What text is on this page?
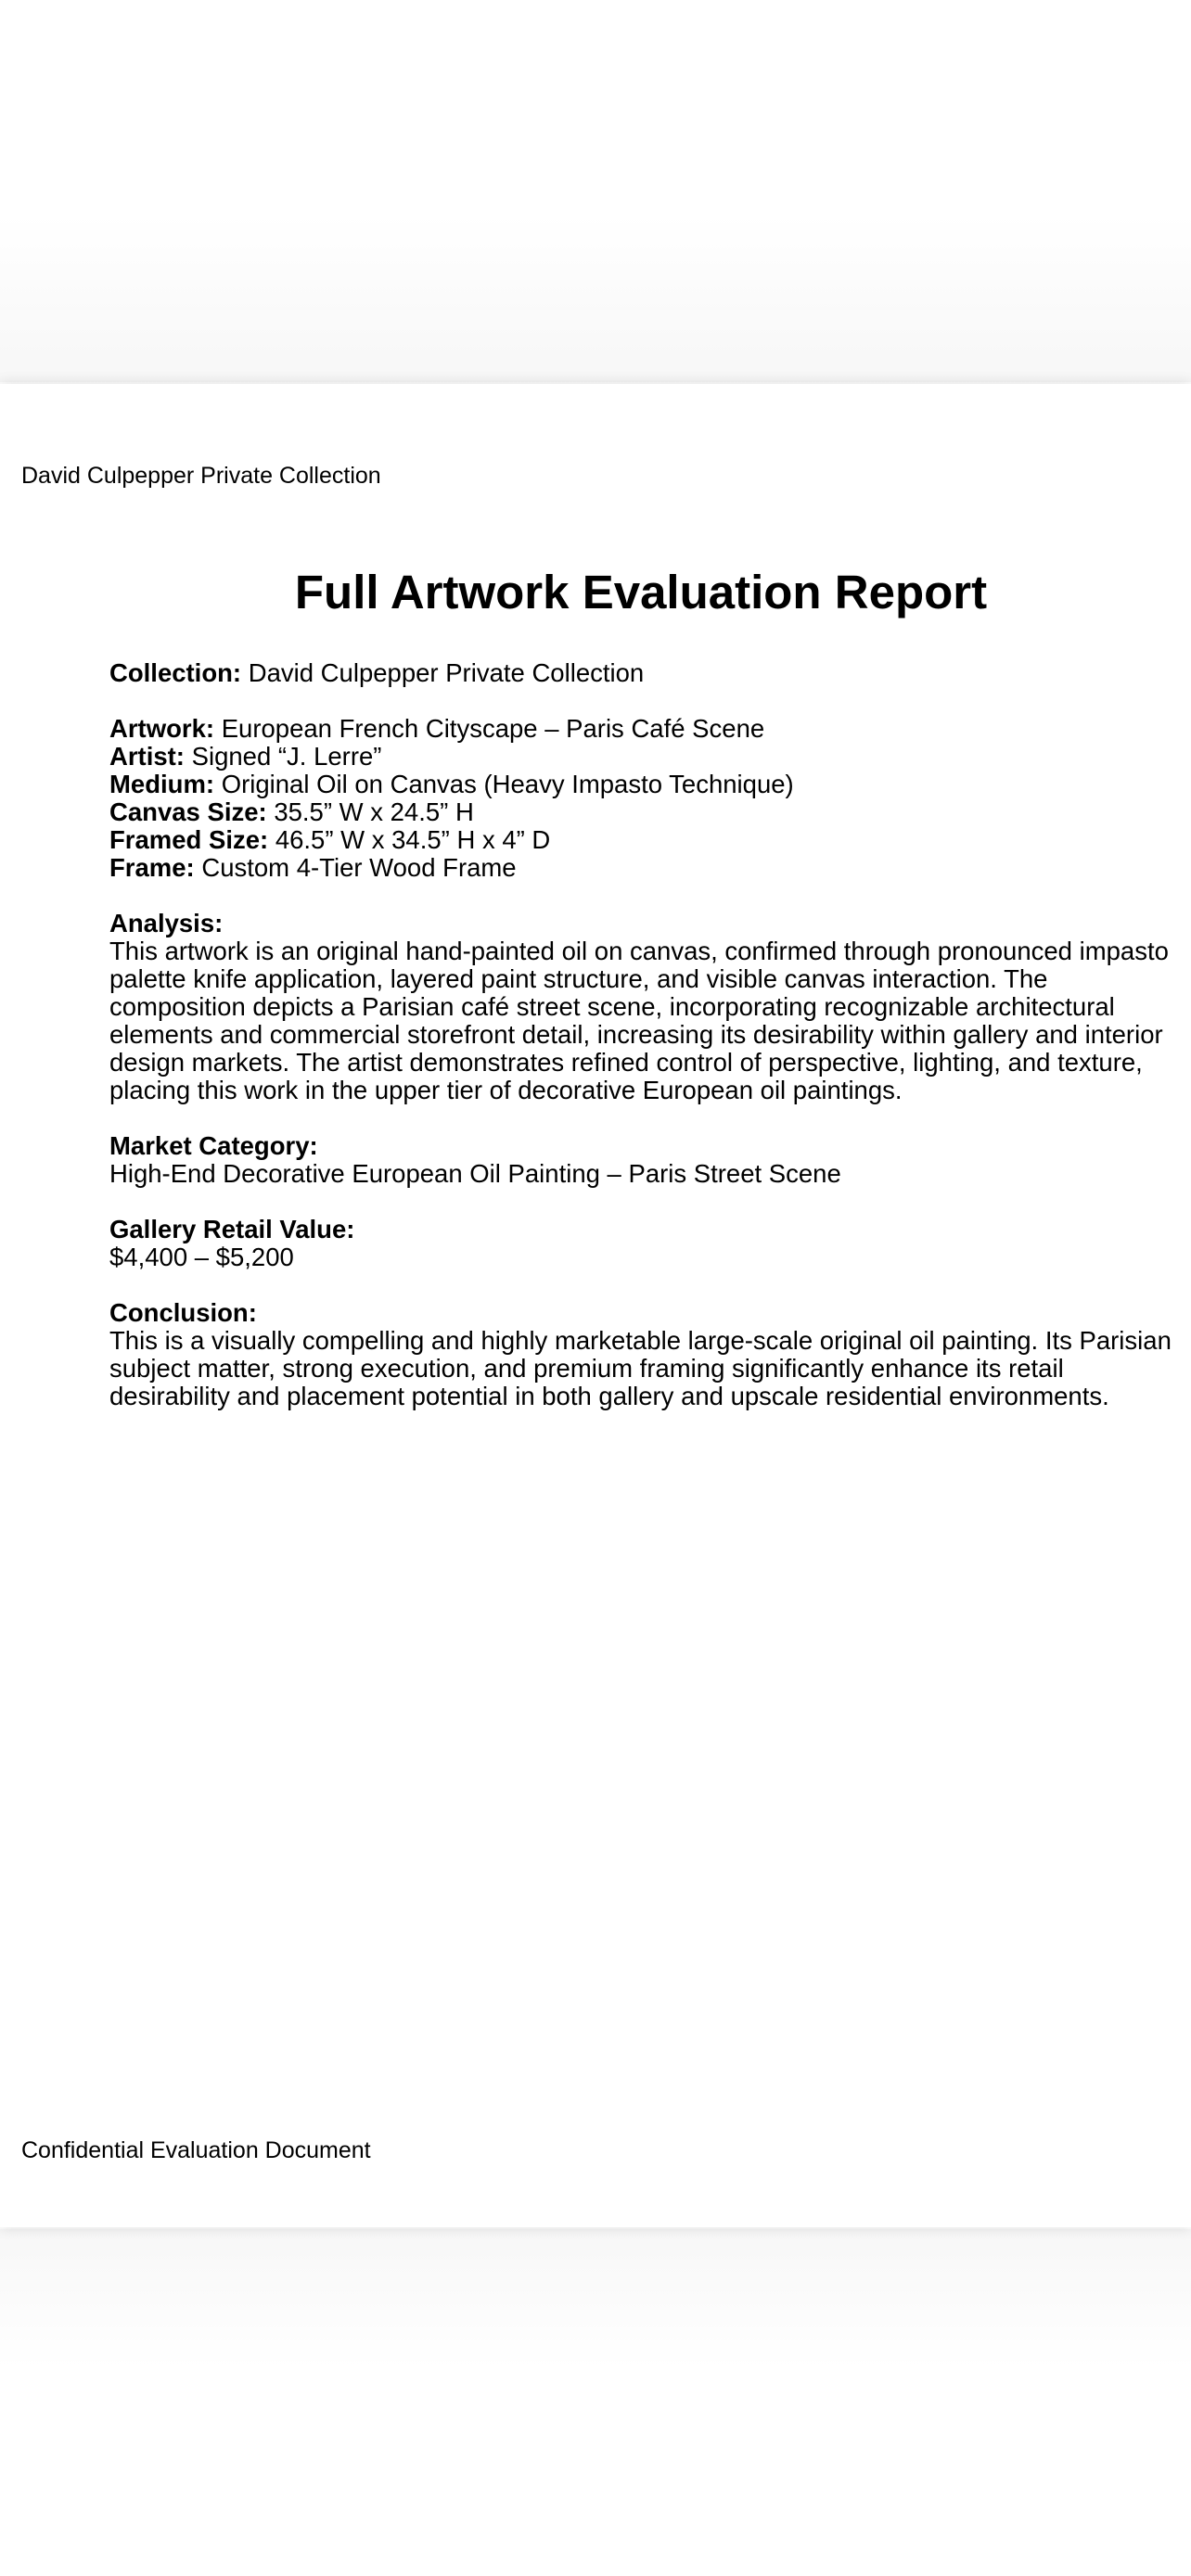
David Culpepper Private Collection
Full Artwork Evaluation Report

Collection: David Culpepper Private Collection

Artwork: European French Cityscape – Paris Café Scene
Artist: Signed “J. Lerre”
Medium: Original Oil on Canvas (Heavy Impasto Technique)
Canvas Size: 35.5” W x 24.5” H
Framed Size: 46.5” W x 34.5” H x 4” D
Frame: Custom 4-Tier Wood Frame

Analysis:
This artwork is an original hand-painted oil on canvas, confirmed through pronounced impasto palette knife application, layered paint structure, and visible canvas interaction. The composition depicts a Parisian café street scene, incorporating recognizable architectural elements and commercial storefront detail, increasing its desirability within gallery and interior design markets. The artist demonstrates refined control of perspective, lighting, and texture, placing this work in the upper tier of decorative European oil paintings.

Market Category:
High-End Decorative European Oil Painting – Paris Street Scene

Gallery Retail Value:
$4,400 – $5,200

Conclusion:
This is a visually compelling and highly marketable large-scale original oil painting. Its Parisian subject matter, strong execution, and premium framing significantly enhance its retail desirability and placement potential in both gallery and upscale residential environments.

Confidential Evaluation Document
